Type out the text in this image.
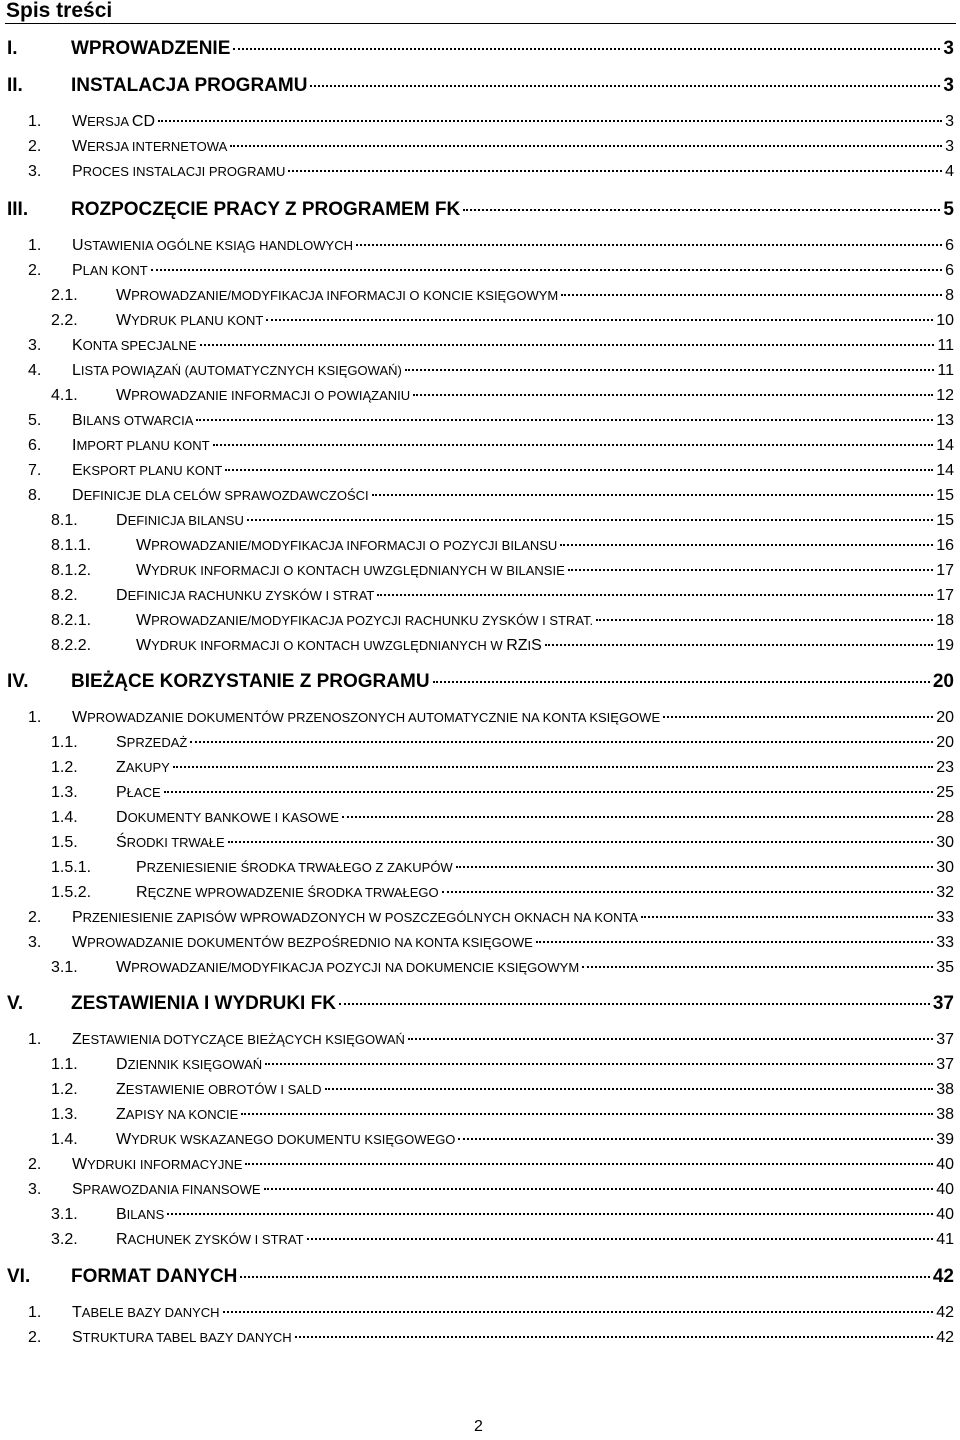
Spis treści
I.	WPROWADZENIE	3
II.	INSTALACJA PROGRAMU	3
1.	WERSJA CD	3
2.	WERSJA INTERNETOWA	3
3.	PROCES INSTALACJI PROGRAMU	4
III.	ROZPOCZĘCIE PRACY Z PROGRAMEM FK	5
1.	USTAWIENIA OGÓLNE KSIĄG HANDLOWYCH	6
2.	PLAN KONT	6
2.1.	WPROWADZANIE/MODYFIKACJA INFORMACJI O KONCIE KSIĘGOWYM	8
2.2.	WYDRUK PLANU KONT	10
3.	KONTA SPECJALNE	11
4.	LISTA POWIĄZAŃ (AUTOMATYCZNYCH KSIĘGOWAŃ)	11
4.1.	WPROWADZANIE INFORMACJI O POWIĄZANIU	12
5.	BILANS OTWARCIA	13
6.	IMPORT PLANU KONT	14
7.	EKSPORT PLANU KONT	14
8.	DEFINICJE DLA CELÓW SPRAWOZDAWCZOŚCI	15
8.1.	DEFINICJA BILANSU	15
8.1.1.	WPROWADZANIE/MODYFIKACJA INFORMACJI O POZYCJI BILANSU	16
8.1.2.	WYDRUK INFORMACJI O KONTACH UWZGLĘDNIANYCH W BILANSIE	17
8.2.	DEFINICJA RACHUNKU ZYSKÓW I STRAT	17
8.2.1.	WPROWADZANIE/MODYFIKACJA POZYCJI RACHUNKU ZYSKÓW I STRAT.	18
8.2.2.	WYDRUK INFORMACJI O KONTACH UWZGLĘDNIANYCH W RZIS	19
IV.	BIEŻĄCE KORZYSTANIE Z PROGRAMU	20
1.	WPROWADZANIE DOKUMENTÓW PRZENOSZONYCH AUTOMATYCZNIE NA KONTA KSIĘGOWE	20
1.1.	SPRZEDAŻ	20
1.2.	ZAKUPY	23
1.3.	PŁACE	25
1.4.	DOKUMENTY BANKOWE I KASOWE	28
1.5.	ŚRODKI TRWAŁE	30
1.5.1.	PRZENIESIENIE ŚRODKA TRWAŁEGO Z ZAKUPÓW	30
1.5.2.	RĘCZNE WPROWADZENIE ŚRODKA TRWAŁEGO	32
2.	PRZENIESIENIE ZAPISÓW WPROWADZONYCH W POSZCZEGÓLNYCH OKNACH NA KONTA	33
3.	WPROWADZANIE DOKUMENTÓW BEZPOŚREDNIO NA KONTA KSIĘGOWE	33
3.1.	WPROWADZANIE/MODYFIKACJA POZYCJI NA DOKUMENCIE KSIĘGOWYM	35
V.	ZESTAWIENIA I WYDRUKI FK	37
1.	ZESTAWIENIA DOTYCZĄCE BIEŻĄCYCH KSIĘGOWAŃ	37
1.1.	DZIENNIK KSIĘGOWAŃ	37
1.2.	ZESTAWIENIE OBROTÓW I SALD	38
1.3.	ZAPISY NA KONCIE	38
1.4.	WYDRUK WSKAZANEGO DOKUMENTU KSIĘGOWEGO	39
2.	WYDRUKI INFORMACYJNE	40
3.	SPRAWOZDANIA FINANSOWE	40
3.1.	BILANS	40
3.2.	RACHUNEK ZYSKÓW I STRAT	41
VI.	FORMAT DANYCH	42
1.	TABELE BAZY DANYCH	42
2.	STRUKTURA TABEL BAZY DANYCH	42
2
